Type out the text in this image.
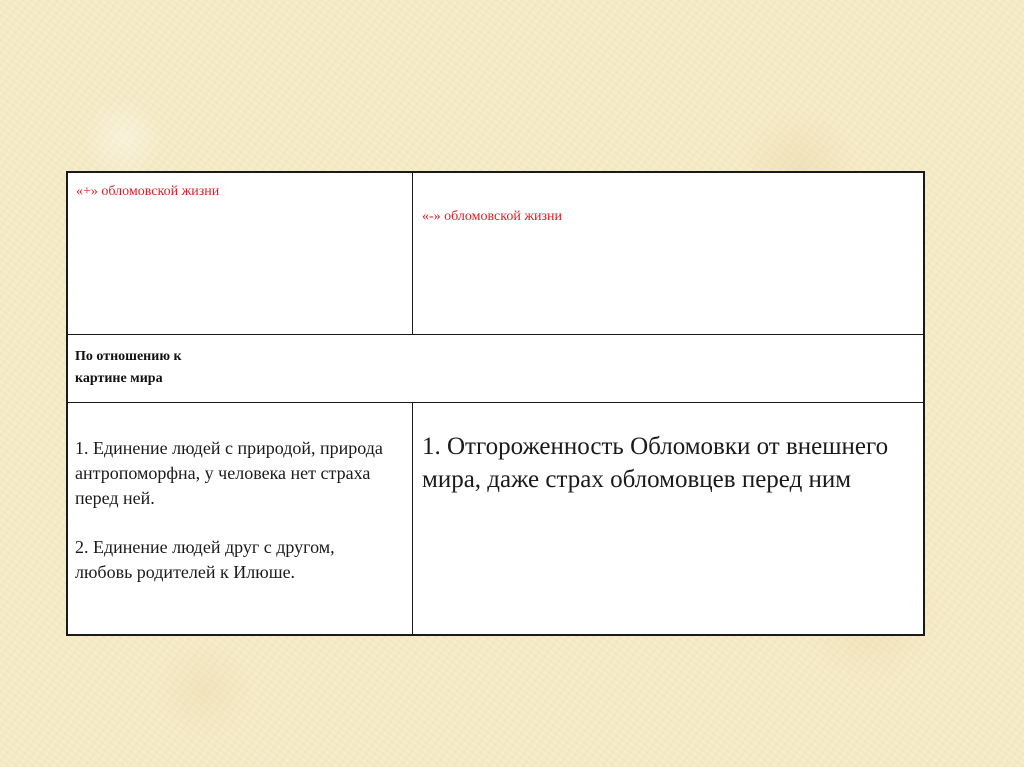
«+» обломовской жизни

«-» обломовской жизни

По отношению к

картине мира

1. Единение людей с природой, природа антропоморфна, у человека нет страха перед ней.

2. Единение людей друг с другом, любовь родителей к Илюше.

1. Отгороженность Обломовки от внешнего мира, даже страх обломовцев перед ним
